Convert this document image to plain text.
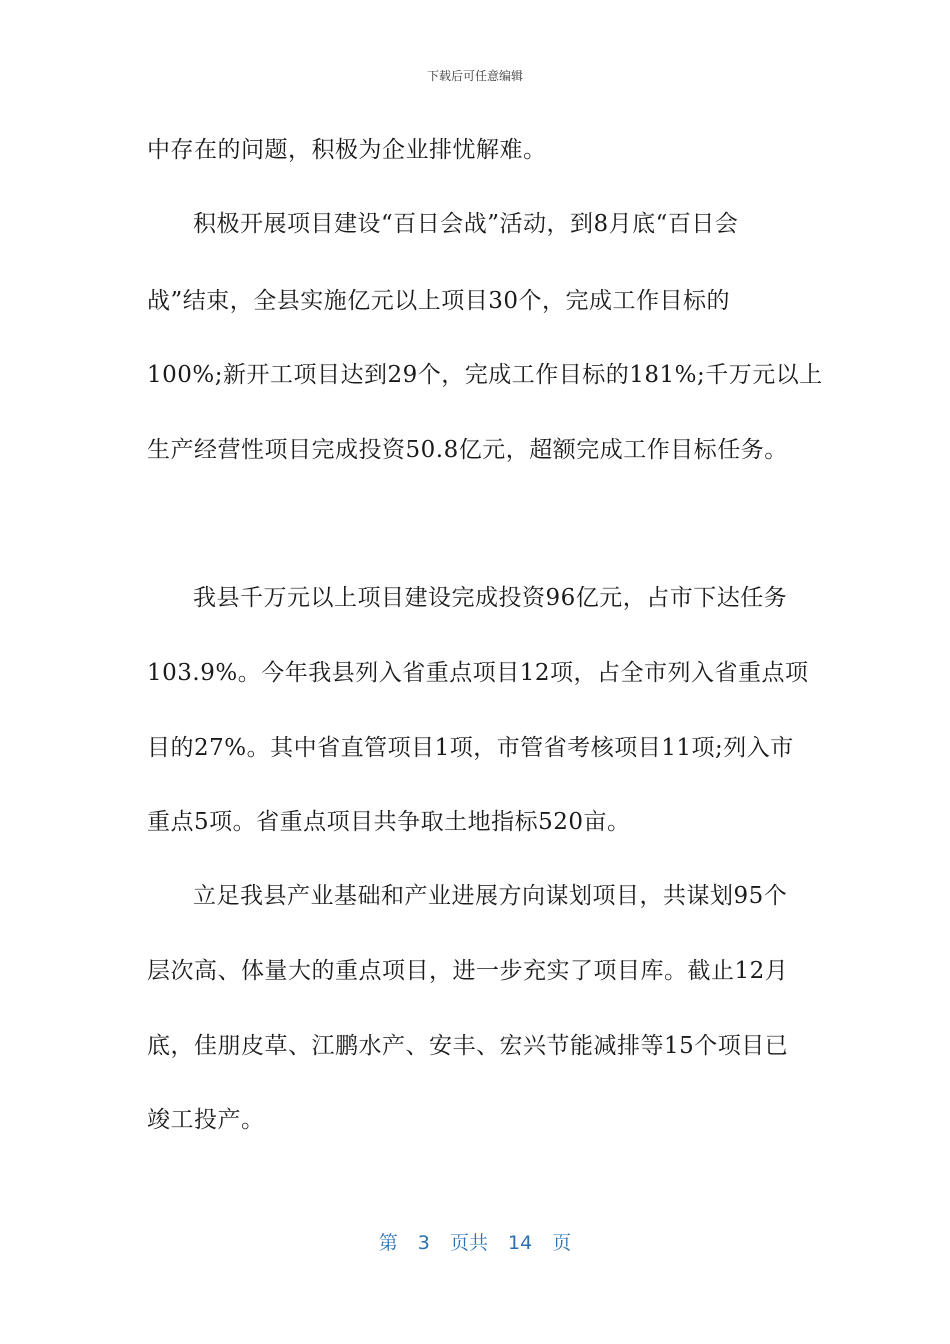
下载后可任意编辑
中存在的问题，积极为企业排忧解难。
积极开展项目建设“百日会战”活动，到8月底“百日会
战”结束，全县实施亿元以上项目30个，完成工作目标的
100%;新开工项目达到29个，完成工作目标的181%;千万元以上
生产经营性项目完成投资50.8亿元，超额完成工作目标任务。
我县千万元以上项目建设完成投资96亿元，占市下达任务
103.9%。今年我县列入省重点项目12项，占全市列入省重点项
目的27%。其中省直管项目1项，市管省考核项目11项;列入市
重点5项。省重点项目共争取土地指标520亩。
立足我县产业基础和产业进展方向谋划项目，共谋划95个
层次高、体量大的重点项目，进一步充实了项目库。截止12月
底，佳朋皮草、江鹏水产、安丰、宏兴节能减排等15个项目已
竣工投产。
第 3 页共 14 页
